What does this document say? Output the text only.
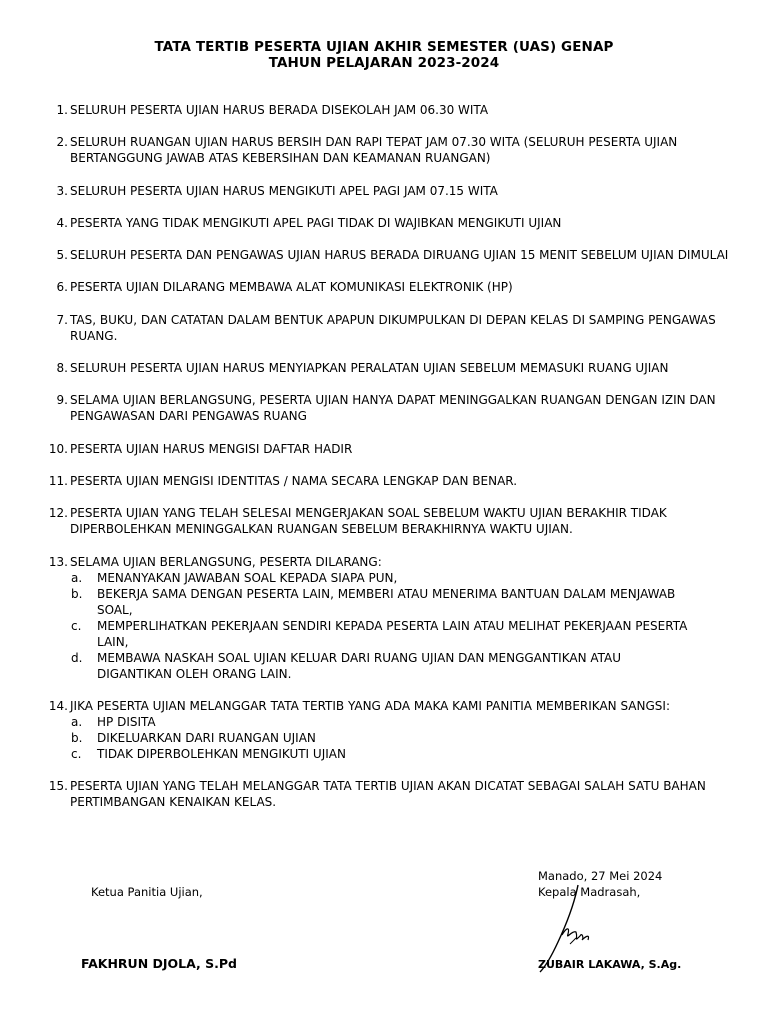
TATA TERTIB PESERTA UJIAN AKHIR SEMESTER (UAS) GENAP
TAHUN PELAJARAN 2023-2024
1. SELURUH PESERTA UJIAN HARUS BERADA DISEKOLAH JAM 06.30 WITA
2. SELURUH RUANGAN UJIAN HARUS BERSIH DAN RAPI TEPAT JAM 07.30 WITA (SELURUH PESERTA UJIAN BERTANGGUNG JAWAB ATAS KEBERSIHAN DAN KEAMANAN RUANGAN)
3. SELURUH PESERTA UJIAN HARUS MENGIKUTI APEL PAGI JAM 07.15 WITA
4. PESERTA YANG TIDAK MENGIKUTI APEL PAGI TIDAK DI WAJIBKAN MENGIKUTI UJIAN
5. SELURUH PESERTA DAN PENGAWAS UJIAN HARUS BERADA DIRUANG UJIAN 15 MENIT SEBELUM UJIAN DIMULAI
6. PESERTA UJIAN DILARANG MEMBAWA ALAT KOMUNIKASI ELEKTRONIK (HP)
7. TAS, BUKU, DAN CATATAN DALAM BENTUK APAPUN DIKUMPULKAN DI DEPAN KELAS DI SAMPING PENGAWAS RUANG.
8. SELURUH PESERTA UJIAN HARUS MENYIAPKAN PERALATAN UJIAN SEBELUM MEMASUKI RUANG UJIAN
9. SELAMA UJIAN BERLANGSUNG, PESERTA UJIAN HANYA DAPAT MENINGGALKAN RUANGAN DENGAN IZIN DAN PENGAWASAN DARI PENGAWAS RUANG
10. PESERTA UJIAN HARUS MENGISI DAFTAR HADIR
11. PESERTA UJIAN MENGISI IDENTITAS / NAMA SECARA LENGKAP DAN BENAR.
12. PESERTA UJIAN YANG TELAH SELESAI MENGERJAKAN SOAL SEBELUM WAKTU UJIAN BERAKHIR TIDAK DIPERBOLEHKAN MENINGGALKAN RUANGAN SEBELUM BERAKHIRNYA WAKTU UJIAN.
13. SELAMA UJIAN BERLANGSUNG, PESERTA DILARANG:
a. MENANYAKAN JAWABAN SOAL KEPADA SIAPA PUN,
b. BEKERJA SAMA DENGAN PESERTA LAIN, MEMBERI ATAU MENERIMA BANTUAN DALAM MENJAWAB SOAL,
c. MEMPERLIHATKAN PEKERJAAN SENDIRI KEPADA PESERTA LAIN ATAU MELIHAT PEKERJAAN PESERTA LAIN,
d. MEMBAWA NASKAH SOAL UJIAN KELUAR DARI RUANG UJIAN DAN MENGGANTIKAN ATAU DIGANTIKAN OLEH ORANG LAIN.
14. JIKA PESERTA UJIAN MELANGGAR TATA TERTIB YANG ADA MAKA KAMI PANITIA MEMBERIKAN SANGSI:
a. HP DISITA
b. DIKELUARKAN DARI RUANGAN UJIAN
c. TIDAK DIPERBOLEHKAN MENGIKUTI UJIAN
15. PESERTA UJIAN YANG TELAH MELANGGAR TATA TERTIB UJIAN AKAN DICATAT SEBAGAI SALAH SATU BAHAN PERTIMBANGAN KENAIKAN KELAS.
Manado, 27 Mei 2024
Ketua Panitia Ujian,	Kepala Madrasah,
FAKHRUN DJOLA, S.Pd	ZUBAIR LAKAWA, S.Ag.
